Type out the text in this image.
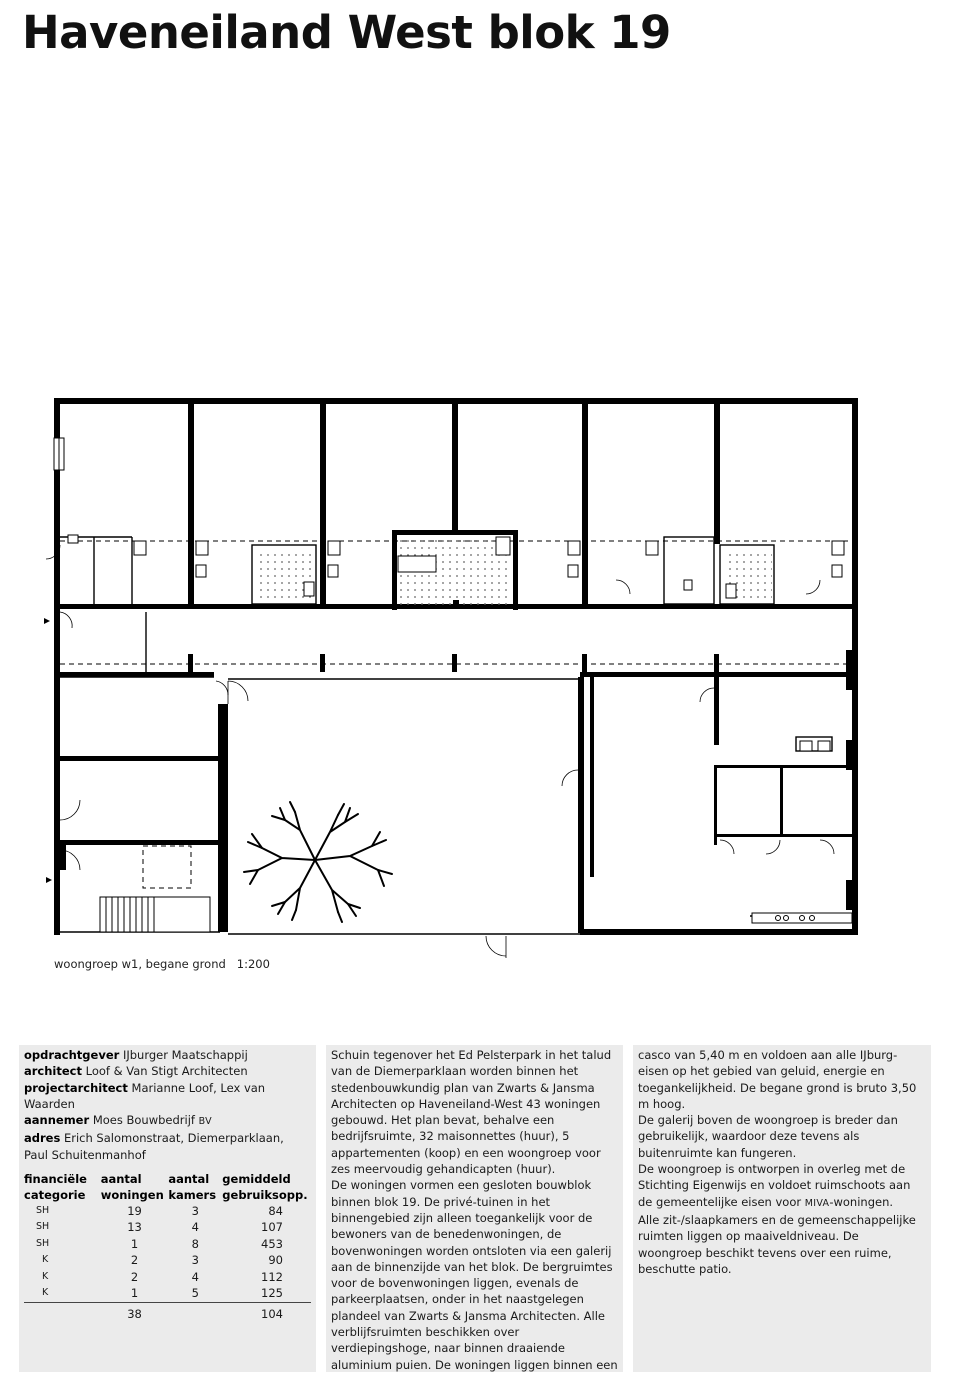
Haveneiland West blok 19
woongroep w1, begane grond   1:200

opdrachtgever IJburger Maatschappij

architect Loof & Van Stigt Architecten

projectarchitect Marianne Loof, Lex van Waarden

aannemer Moes Bouwbedrijf BV

adres Erich Salomonstraat, Diemerparklaan, Paul Schuitenmanhof

financiële categorie	aantal woningen	aantal kamers	gemiddeld gebruiksopp.
SH	19	3	84
SH	13	4	107
SH	1	8	453
K	2	3	90
K	2	4	112
K	1	5	125
	38		104

Schuin tegenover het Ed Pelsterpark in het talud van de Diemerparklaan worden binnen het stedenbouwkundig plan van Zwarts & Jansma Architecten op Haveneiland-West 43 woningen gebouwd. Het plan bevat, behalve een bedrijfsruimte, 32 maisonnettes (huur), 5 appartementen (koop) en een woongroep voor zes meervoudig gehandicapten (huur).

De woningen vormen een gesloten bouwblok binnen blok 19. De privé-tuinen in het binnengebied zijn alleen toegankelijk voor de bewoners van de benedenwoningen, de bovenwoningen worden ontsloten via een galerij aan de binnenzijde van het blok. De bergruimtes voor de bovenwoningen liggen, evenals de parkeerplaatsen, onder in het naastgelegen plandeel van Zwarts & Jansma Architecten. Alle verblijfsruimten beschikken over verdiepingshoge, naar binnen draaiende aluminium puien. De woningen liggen binnen een

casco van 5,40 m en voldoen aan alle IJburg-eisen op het gebied van geluid, energie en toegankelijkheid. De begane grond is bruto 3,50 m hoog.

De galerij boven de woongroep is breder dan gebruikelijk, waardoor deze tevens als buitenruimte kan fungeren.

De woongroep is ontworpen in overleg met de Stichting Eigenwijs en voldoet ruimschoots aan de gemeentelijke eisen voor MIVA-woningen.

Alle zit-/slaapkamers en de gemeenschappelijke ruimten liggen op maaiveldniveau. De woongroep beschikt tevens over een ruime, beschutte patio.
